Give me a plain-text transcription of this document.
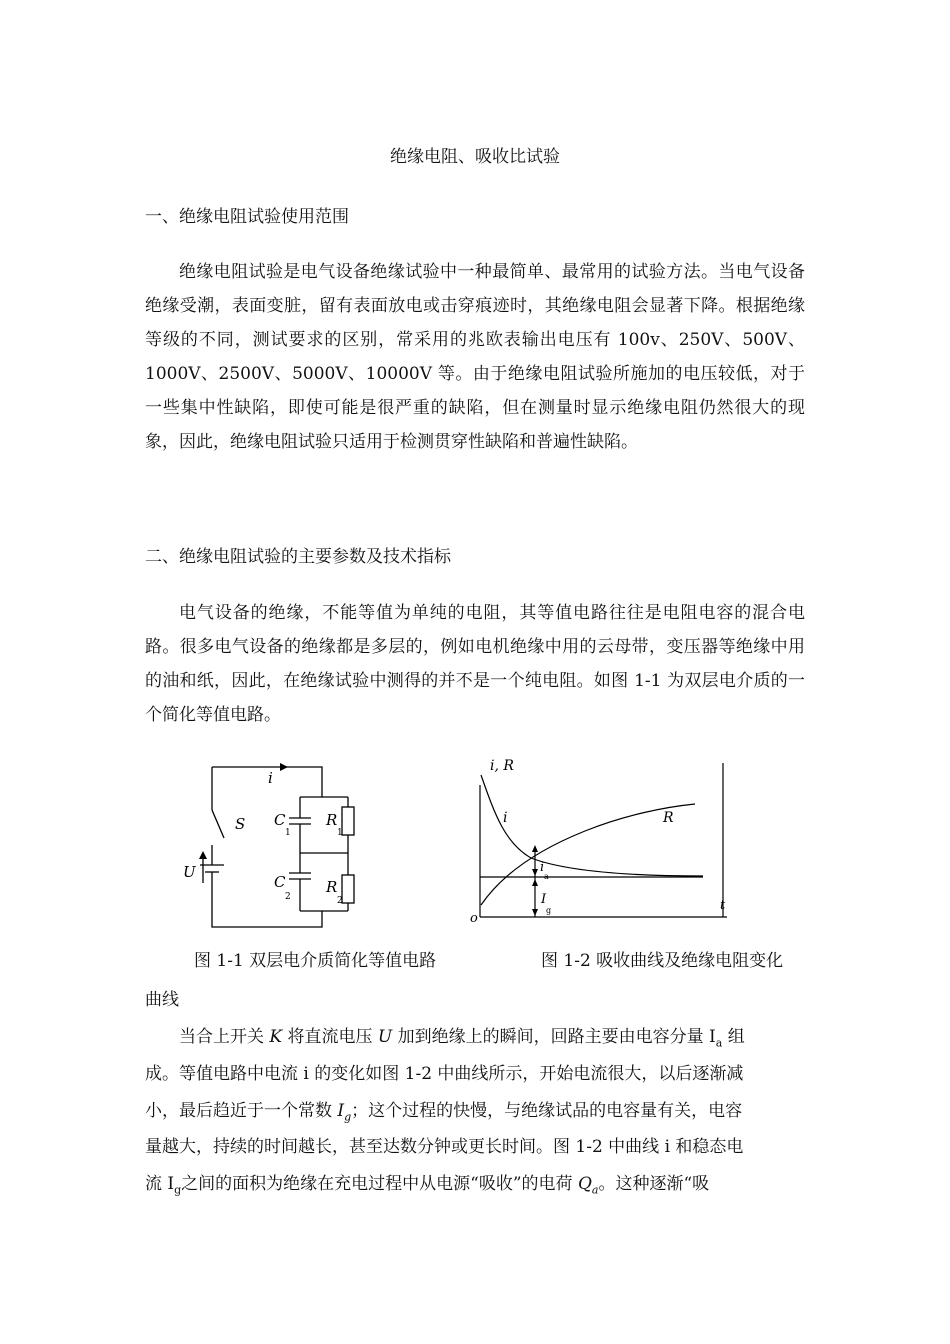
绝缘电阻、吸收比试验
一、绝缘电阻试验使用范围

绝缘电阻试验是电气设备绝缘试验中一种最简单、最常用的试验方法。当电气设备绝缘受潮，表面变脏，留有表面放电或击穿痕迹时，其绝缘电阻会显著下降。根据绝缘等级的不同，测试要求的区别，常采用的兆欧表输出电压有 100v、250V、500V、1000V、2500V、5000V、10000V 等。由于绝缘电阻试验所施加的电压较低，对于一些集中性缺陷，即使可能是很严重的缺陷，但在测量时显示绝缘电阻仍然很大的现象，因此，绝缘电阻试验只适用于检测贯穿性缺陷和普遍性缺陷。

二、绝缘电阻试验的主要参数及技术指标

电气设备的绝缘，不能等值为单纯的电阻，其等值电路往往是电阻电容的混合电路。很多电气设备的绝缘都是多层的，例如电机绝缘中用的云母带，变压器等绝缘中用的油和纸，因此，在绝缘试验中测得的并不是一个纯电阻。如图 1-1 为双层电介质的一个简化等值电路。

i
S
U
C
1
C
2
R
1
R
2
i, R
o
t
i	R
i
a
I
g
图 1-1 双层电介质简化等值电路	图 1-2 吸收曲线及绝缘电阻变化
曲线
当合上开关 K 将直流电压 U 加到绝缘上的瞬间，回路主要由电容分量 $I_a$ 组
成。等值电路中电流 i 的变化如图 1-2 中曲线所示，开始电流很大，以后逐渐减
小，最后趋近于一个常数 $I_g$；这个过程的快慢，与绝缘试品的电容量有关，电容
量越大，持续的时间越长，甚至达数分钟或更长时间。图 1-2 中曲线 i 和稳态电
流 $I_g$之间的面积为绝缘在充电过程中从电源“吸收”的电荷 $Q_a$。这种逐渐“吸
